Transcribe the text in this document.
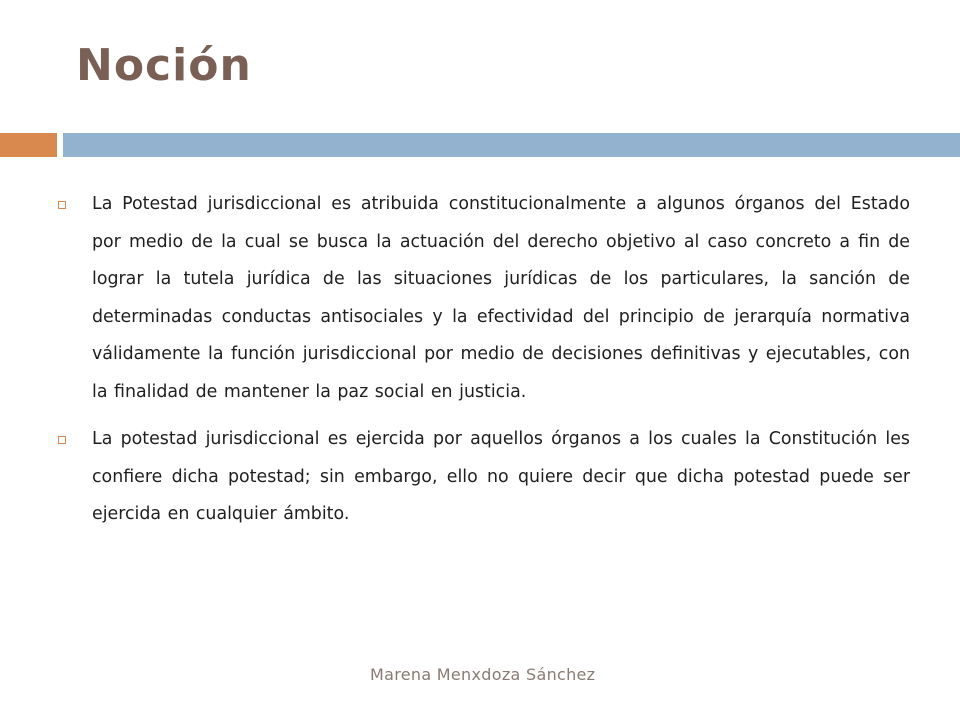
Noción

La Potestad jurisdiccional es atribuida constitucionalmente a algunos órganos del Estado por medio de la cual se busca la actuación del derecho objetivo al caso concreto a fin de lograr la tutela jurídica de las situaciones jurídicas de los particulares, la sanción de determinadas conductas antisociales y la efectividad del principio de jerarquía normativa válidamente la función jurisdiccional por medio de decisiones definitivas y ejecutables, con la finalidad de mantener la paz social en justicia.

La potestad jurisdiccional es ejercida por aquellos órganos a los cuales la Constitución les confiere dicha potestad; sin embargo, ello no quiere decir que dicha potestad puede ser ejercida en cualquier ámbito.

Marena Menxdoza Sánchez
